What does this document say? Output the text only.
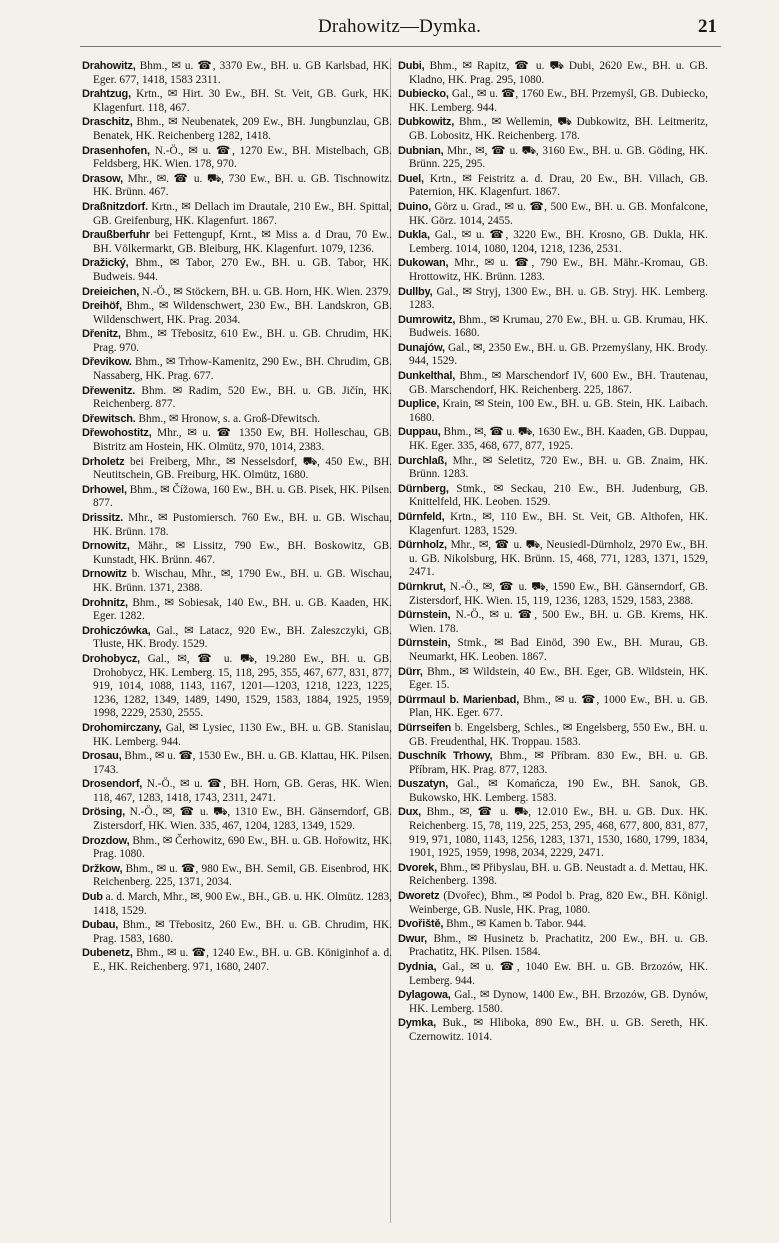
Drahowitz—Dymka.	21

Drahowitz, Bhm., ✉ u. ☎, 3370 Ew., BH. u. GB Karlsbad, HK. Eger. 677, 1418, 1583 2311.

Drahtzug, Krtn., ✉ Hirt. 30 Ew., BH. St. Veit, GB. Gurk, HK. Klagenfurt. 118, 467.

Draschitz, Bhm., ✉ Neubenatek, 209 Ew., BH. Jungbunzlau, GB. Benatek, HK. Reichenberg 1282, 1418.

Drasenhofen, N.-Ö., ✉ u. ☎, 1270 Ew., BH. Mistelbach, GB. Feldsberg, HK. Wien. 178, 970.

Drasow, Mhr., ✉. ☎ u. ⛟, 730 Ew., BH. u. GB. Tischnowitz. HK. Brünn. 467.

Draßnitzdorf. Krtn., ✉ Dellach im Drautale, 210 Ew., BH. Spittal, GB. Greifenburg, HK. Klagenfurt. 1867.

Draußberfuhr bei Fettengupf, Krnt., ✉ Miss a. d Drau, 70 Ew.. BH. Völkermarkt, GB. Bleiburg, HK. Klagenfurt. 1079, 1236.

Dražický, Bhm., ✉ Tabor, 270 Ew., BH. u. GB. Tabor, HK. Budweis. 944.

Dreieichen, N.-Ö., ✉ Stöckern, BH. u. GB. Horn, HK. Wien. 2379.

Dreihöf, Bhm., ✉ Wildenschwert, 230 Ew., BH. Landskron, GB. Wildenschwert, HK. Prag. 2034.

Dřenitz, Bhm., ✉ Třebositz, 610 Ew., BH. u. GB. Chrudim, HK. Prag. 970.

Dřevikow. Bhm., ✉ Trhow-Kamenitz, 290 Ew., BH. Chrudim, GB. Nassaberg, HK. Prag. 677.

Dřewenitz. Bhm. ✉ Radim, 520 Ew., BH. u. GB. Jičín, HK. Reichenberg. 877.

Dřewitsch. Bhm., ✉ Hronow, s. a. Groß-Dřewitsch.

Dřewohostitz, Mhr., ✉ u. ☎ 1350 Ew, BH. Holleschau, GB. Bistritz am Hostein, HK. Olmütz, 970, 1014, 2383.

Drholetz bei Freiberg, Mhr., ✉ Nesselsdorf, ⛟, 450 Ew., BH. Neutitschein, GB. Freiburg, HK. Olmütz, 1680.

Drhowel, Bhm., ✉ Čížowa, 160 Ew., BH. u. GB. Pisek, HK. Pilsen. 877.

Drissitz. Mhr., ✉ Pustomiersch. 760 Ew., BH. u. GB. Wischau, HK. Brünn. 178.

Drnowitz, Mähr., ✉ Lissitz, 790 Ew., BH. Boskowitz, GB. Kunstadt, HK. Brünn. 467.

Drnowitz b. Wischau, Mhr., ✉, 1790 Ew., BH. u. GB. Wischau, HK. Brünn. 1371, 2388.

Drohnitz, Bhm., ✉ Sobiesak, 140 Ew., BH. u. GB. Kaaden, HK. Eger. 1282.

Drohiczówka, Gal., ✉ Latacz, 920 Ew., BH. Zaleszczyki, GB. Tłuste, HK. Brody. 1529.

Drohobycz, Gal., ✉, ☎ u. ⛟, 19.280 Ew., BH. u. GB. Drohobycz, HK. Lemberg. 15, 118, 295, 355, 467, 677, 831, 877, 919, 1014, 1088, 1143, 1167, 1201—1203, 1218, 1223, 1225, 1236, 1282, 1349, 1489, 1490, 1529, 1583, 1884, 1925, 1959, 1998, 2229, 2530, 2555.

Drohomirczany, Gal, ✉ Lysiec, 1130 Ew., BH. u. GB. Stanislau, HK. Lemberg. 944.

Drosau, Bhm., ✉ u. ☎, 1530 Ew., BH. u. GB. Klattau, HK. Pilsen. 1743.

Drosendorf, N.-Ö., ✉ u. ☎, BH. Horn, GB. Geras, HK. Wien. 118, 467, 1283, 1418, 1743, 2311, 2471.

Drösing, N.-Ö., ✉, ☎ u. ⛟, 1310 Ew., BH. Gänserndorf, GB. Zistersdorf, HK. Wien. 335, 467, 1204, 1283, 1349, 1529.

Drozdow, Bhm., ✉ Čerhowitz, 690 Ew., BH. u. GB. Hořowitz, HK. Prag. 1080.

Držkow, Bhm., ✉ u. ☎, 980 Ew., BH. Semil, GB. Eisenbrod, HK. Reichenberg. 225, 1371, 2034.

Dub a. d. March, Mhr., ✉, 900 Ew., BH., GB. u. HK. Olmütz. 1283, 1418, 1529.

Dubau, Bhm., ✉ Třebositz, 260 Ew., BH. u. GB. Chrudim, HK. Prag. 1583, 1680.

Dubenetz, Bhm., ✉ u. ☎, 1240 Ew., BH. u. GB. Königinhof a. d. E., HK. Reichenberg. 971, 1680, 2407.

Dubi, Bhm., ✉ Rapitz, ☎ u. ⛟ Dubi, 2620 Ew., BH. u. GB. Kladno, HK. Prag. 295, 1080.

Dubiecko, Gal., ✉ u. ☎, 1760 Ew., BH. Przemyśl, GB. Dubiecko, HK. Lemberg. 944.

Dubkowitz, Bhm., ✉ Wellemin, ⛟ Dubkowitz, BH. Leitmeritz, GB. Lobositz, HK. Reichenberg. 178.

Dubnian, Mhr., ✉, ☎ u. ⛟, 3160 Ew., BH. u. GB. Göding, HK. Brünn. 225, 295.

Duel, Krtn., ✉ Feistritz a. d. Drau, 20 Ew., BH. Villach, GB. Paternion, HK. Klagenfurt. 1867.

Duino, Görz u. Grad., ✉ u. ☎, 500 Ew., BH. u. GB. Monfalcone, HK. Görz. 1014, 2455.

Dukla, Gal., ✉ u. ☎, 3220 Ew., BH. Krosno, GB. Dukla, HK. Lemberg. 1014, 1080, 1204, 1218, 1236, 2531.

Dukowan, Mhr., ✉ u. ☎, 790 Ew., BH. Mähr.-Kromau, GB. Hrottowitz, HK. Brünn. 1283.

Dullby, Gal., ✉ Stryj, 1300 Ew., BH. u. GB. Stryj. HK. Lemberg. 1283.

Dumrowitz, Bhm., ✉ Krumau, 270 Ew., BH. u. GB. Krumau, HK. Budweis. 1680.

Dunajów, Gal., ✉, 2350 Ew., BH. u. GB. Przemyślany, HK. Brody. 944, 1529.

Dunkelthal, Bhm., ✉ Marschendorf IV, 600 Ew., BH. Trautenau, GB. Marschendorf, HK. Reichenberg. 225, 1867.

Duplice, Krain, ✉ Stein, 100 Ew., BH. u. GB. Stein, HK. Laibach. 1680.

Duppau, Bhm., ✉, ☎ u. ⛟, 1630 Ew., BH. Kaaden, GB. Duppau, HK. Eger. 335, 468, 677, 877, 1925.

Durchlaß, Mhr., ✉ Seletitz, 720 Ew., BH. u. GB. Znaim, HK. Brünn. 1283.

Dürnberg, Stmk., ✉ Seckau, 210 Ew., BH. Judenburg, GB. Knittelfeld, HK. Leoben. 1529.

Dürnfeld, Krtn., ✉, 110 Ew., BH. St. Veit, GB. Althofen, HK. Klagenfurt. 1283, 1529.

Dürnholz, Mhr., ✉, ☎ u. ⛟, Neusiedl-Dürnholz, 2970 Ew., BH. u. GB. Nikolsburg, HK. Brünn. 15, 468, 771, 1283, 1371, 1529, 2471.

Dürnkrut, N.-Ö., ✉, ☎ u. ⛟, 1590 Ew., BH. Gänserndorf, GB. Zistersdorf, HK. Wien. 15, 119, 1236, 1283, 1529, 1583, 2388.

Dürnstein, N.-Ö., ✉ u. ☎, 500 Ew., BH. u. GB. Krems, HK. Wien. 178.

Dürnstein, Stmk., ✉ Bad Einöd, 390 Ew., BH. Murau, GB. Neumarkt, HK. Leoben. 1867.

Dürr, Bhm., ✉ Wildstein, 40 Ew., BH. Eger, GB. Wildstein, HK. Eger. 15.

Dürrmaul b. Marienbad, Bhm., ✉ u. ☎, 1000 Ew., BH. u. GB. Plan, HK. Eger. 677.

Dürrseifen b. Engelsberg, Schles., ✉ Engelsberg, 550 Ew., BH. u. GB. Freudenthal, HK. Troppau. 1583.

Duschník Trhowy, Bhm., ✉ Příbram. 830 Ew., BH. u. GB. Příbram, HK. Prag. 877, 1283.

Duszatyn, Gal., ✉ Komańcza, 190 Ew., BH. Sanok, GB. Bukowsko, HK. Lemberg. 1583.

Dux, Bhm., ✉, ☎ u. ⛟, 12.010 Ew., BH. u. GB. Dux. HK. Reichenberg. 15, 78, 119, 225, 253, 295, 468, 677, 800, 831, 877, 919, 971, 1080, 1143, 1256, 1283, 1371, 1530, 1680, 1799, 1834, 1901, 1925, 1959, 1998, 2034, 2229, 2471.

Dvorek, Bhm., ✉ Přibyslau, BH. u. GB. Neustadt a. d. Mettau, HK. Reichenberg. 1398.

Dworetz (Dvořec), Bhm., ✉ Podol b. Prag, 820 Ew., BH. Königl. Weinberge, GB. Nusle, HK. Prag, 1080.

Dvořiště, Bhm., ✉ Kamen b. Tabor. 944.

Dwur, Bhm., ✉ Husinetz b. Prachatitz, 200 Ew., BH. u. GB. Prachatitz, HK. Pilsen. 1584.

Dydnia, Gal., ✉ u. ☎, 1040 Ew. BH. u. GB. Brzozów, HK. Lemberg. 944.

Dylagowa, Gal., ✉ Dynow, 1400 Ew., BH. Brzozów, GB. Dynów, HK. Lemberg. 1580.

Dymka, Buk., ✉ Hliboka, 890 Ew., BH. u. GB. Sereth, HK. Czernowitz. 1014.
